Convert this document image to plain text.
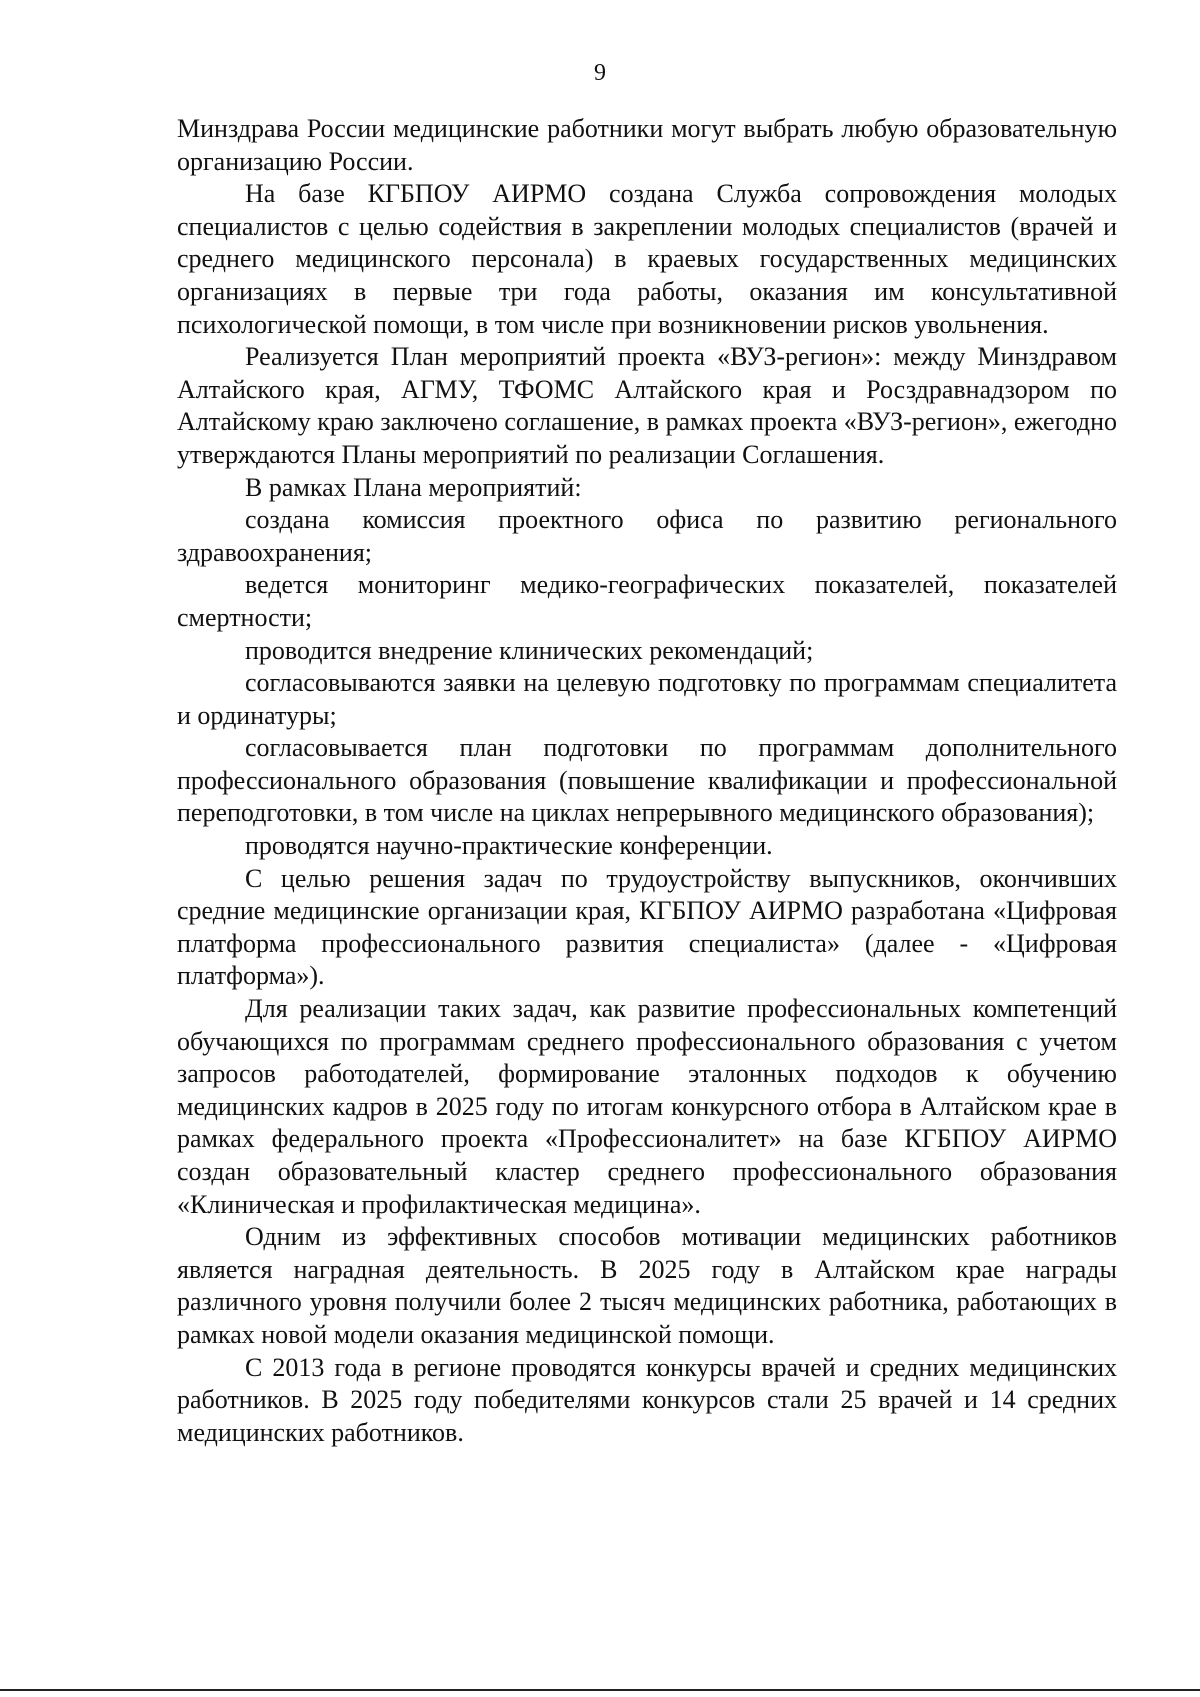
9

Минздрава России медицинские работники могут выбрать любую образовательную организацию России.

На базе КГБПОУ АИРМО создана Служба сопровождения молодых специалистов с целью содействия в закреплении молодых специалистов (врачей и среднего медицинского персонала) в краевых государственных медицинских организациях в первые три года работы, оказания им консультативной психологической помощи, в том числе при возникновении рисков увольнения.

Реализуется План мероприятий проекта «ВУЗ-регион»: между Минздравом Алтайского края, АГМУ, ТФОМС Алтайского края и Росздравнадзором по Алтайскому краю заключено соглашение, в рамках проекта «ВУЗ-регион», ежегодно утверждаются Планы мероприятий по реализации Соглашения.

В рамках Плана мероприятий:

создана комиссия проектного офиса по развитию регионального здравоохранения;

ведется мониторинг медико-географических показателей, показателей смертности;

проводится внедрение клинических рекомендаций;

согласовываются заявки на целевую подготовку по программам специалитета и ординатуры;

согласовывается план подготовки по программам дополнительного профессионального образования (повышение квалификации и профессиональной переподготовки, в том числе на циклах непрерывного медицинского образования);

проводятся научно-практические конференции.

С целью решения задач по трудоустройству выпускников, окончивших средние медицинские организации края, КГБПОУ АИРМО разработана «Цифровая платформа профессионального развития специалиста» (далее - «Цифровая платформа»).

Для реализации таких задач, как развитие профессиональных компетенций обучающихся по программам среднего профессионального образования с учетом запросов работодателей, формирование эталонных подходов к обучению медицинских кадров в 2025 году по итогам конкурсного отбора в Алтайском крае в рамках федерального проекта «Профессионалитет» на базе КГБПОУ АИРМО создан образовательный кластер среднего профессионального образования «Клиническая и профилактическая медицина».

Одним из эффективных способов мотивации медицинских работников является наградная деятельность. В 2025 году в Алтайском крае награды различного уровня получили более 2 тысяч медицинских работника, работающих в рамках новой модели оказания медицинской помощи.

С 2013 года в регионе проводятся конкурсы врачей и средних медицинских работников. В 2025 году победителями конкурсов стали 25 врачей и 14 средних медицинских работников.
